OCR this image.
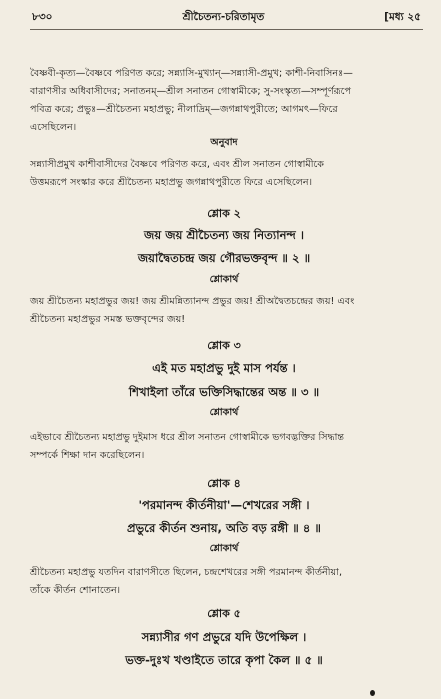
৮৩০	শ্রীচৈতন্য-চরিতামৃত	[মধ্য ২৫

বৈষ্ণবী-কৃত্য—বৈষ্ণবে পরিণত করে; সন্ন্যাসি-মুখ্যান্—সন্ন্যাসী-প্রমুখ; কাশী-নিবাসিনঃ—

বারাণসীর অধিবাসীদের; সনাতনম্—শ্রীল সনাতন গোস্বামীকে; সু-সংস্কৃত্য—সম্পূর্ণরূপে

পবিত্র করে; প্রভুঃ—শ্রীচৈতন্য মহাপ্রভু; নীলাদ্রিম্—জগন্নাথপুরীতে; আগমৎ—ফিরে

এসেছিলেন।

অনুবাদ

সন্ন্যাসীপ্রমুখ কাশীবাসীদের বৈষ্ণবে পরিণত করে, এবং শ্রীল সনাতন গোস্বামীকে

উত্তমরূপে সংস্কার করে শ্রীচৈতন্য মহাপ্রভু জগন্নাথপুরীতে ফিরে এসেছিলেন।

শ্লোক ২
জয় জয় শ্রীচৈতন্য জয় নিত্যানন্দ ।
জয়াদ্বৈতচন্দ্র জয় গৌরভক্তবৃন্দ ॥ ২ ॥
শ্লোকার্থ

জয় শ্রীচৈতন্য মহাপ্রভুর জয়! জয় শ্রীমন্নিত্যানন্দ প্রভুর জয়! শ্রীঅদ্বৈতচন্দ্রের জয়! এবং

শ্রীচৈতন্য মহাপ্রভুর সমস্ত ভক্তবৃন্দের জয়!

শ্লোক ৩
এই মত মহাপ্রভু দুই মাস পর্যন্ত ।
শিখাইলা তাঁরে ভক্তিসিদ্ধান্তের অন্ত ॥ ৩ ॥
শ্লোকার্থ

এইভাবে শ্রীচৈতন্য মহাপ্রভু দুইমাস ধরে শ্রীল সনাতন গোস্বামীকে ভগবদ্ভক্তির সিদ্ধান্ত

সম্পর্কে শিক্ষা দান করেছিলেন।

শ্লোক ৪
'পরমানন্দ কীর্তনীয়া'—শেখরের সঙ্গী ।
প্রভুরে কীর্তন শুনায়, অতি বড় রঙ্গী ॥ ৪ ॥
শ্লোকার্থ

শ্রীচৈতন্য মহাপ্রভু যতদিন বারাণসীতে ছিলেন, চন্দ্রশেখরের সঙ্গী পরমানন্দ কীর্তনীয়া,

তাঁকে কীর্তন শোনাতেন।

শ্লোক ৫
সন্ন্যাসীর গণ প্রভুরে যদি উপেক্ষিল ।
ভক্ত-দুঃখ খণ্ডাইতে তারে কৃপা কৈল ॥ ৫ ॥
